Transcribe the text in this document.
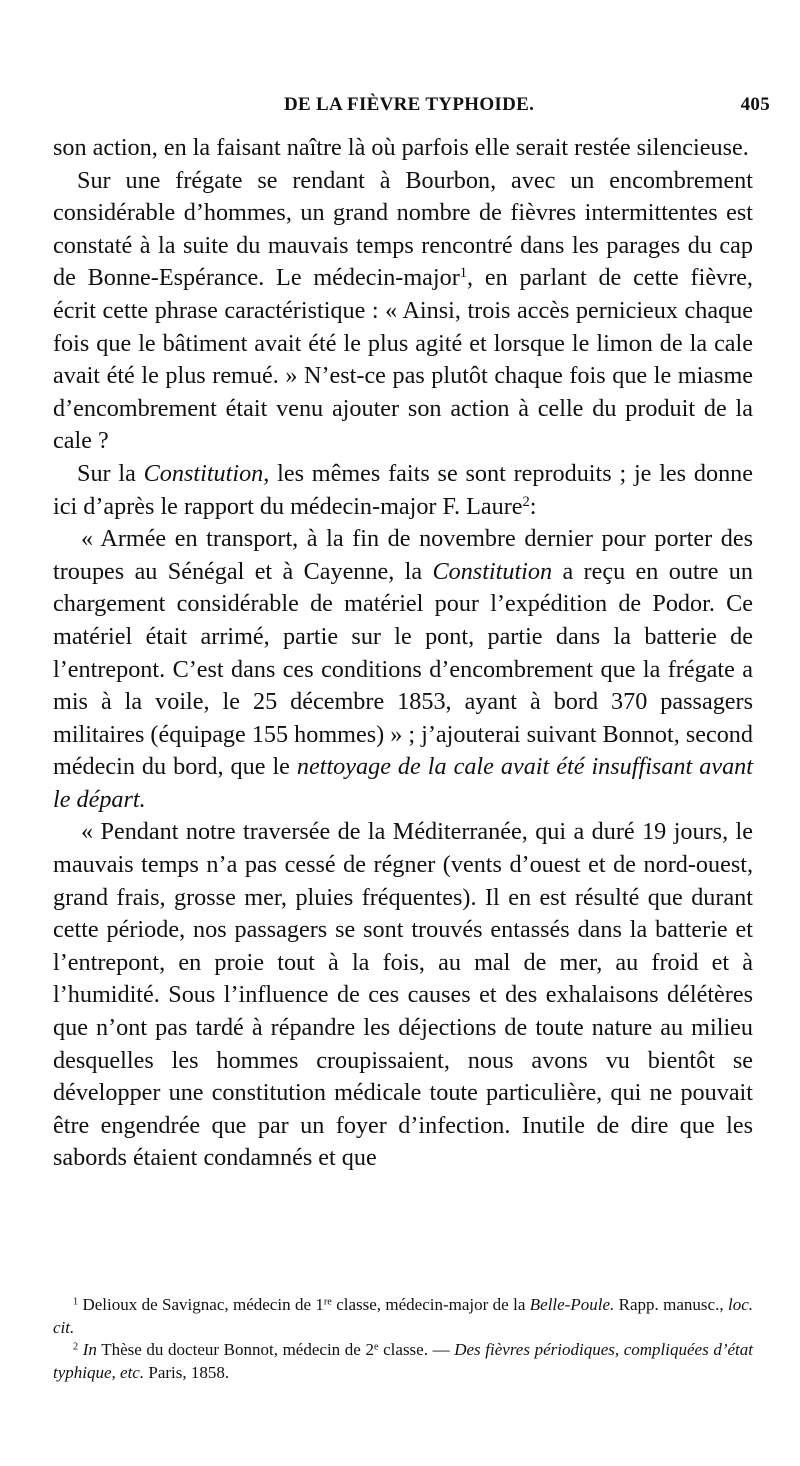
DE LA FIÈVRE TYPHOIDE.	405

son action, en la faisant naître là où parfois elle serait restée silencieuse.

Sur une frégate se rendant à Bourbon, avec un encombrement considérable d’hommes, un grand nombre de fièvres intermittentes est constaté à la suite du mauvais temps rencontré dans les parages du cap de Bonne-Espérance. Le médecin-major$^1$, en parlant de cette fièvre, écrit cette phrase caractéristique : « Ainsi, trois accès pernicieux chaque fois que le bâtiment avait été le plus agité et lorsque le limon de la cale avait été le plus remué. » N’est-ce pas plutôt chaque fois que le miasme d’encombrement était venu ajouter son action à celle du produit de la cale ?

Sur la Constitution, les mêmes faits se sont reproduits ; je les donne ici d’après le rapport du médecin-major F. Laure$^2$:

« Armée en transport, à la fin de novembre dernier pour porter des troupes au Sénégal et à Cayenne, la Constitution a reçu en outre un chargement considérable de matériel pour l’expédition de Podor. Ce matériel était arrimé, partie sur le pont, partie dans la batterie de l’entrepont. C’est dans ces conditions d’encombrement que la frégate a mis à la voile, le 25 décembre 1853, ayant à bord 370 passagers militaires (équipage 155 hommes) » ; j’ajouterai suivant Bonnot, second médecin du bord, que le nettoyage de la cale avait été insuffisant avant le départ.

« Pendant notre traversée de la Méditerranée, qui a duré 19 jours, le mauvais temps n’a pas cessé de régner (vents d’ouest et de nord-ouest, grand frais, grosse mer, pluies fréquentes). Il en est résulté que durant cette période, nos passagers se sont trouvés entassés dans la batterie et l’entrepont, en proie tout à la fois, au mal de mer, au froid et à l’humidité. Sous l’influence de ces causes et des exhalaisons délétères que n’ont pas tardé à répandre les déjections de toute nature au milieu desquelles les hommes croupissaient, nous avons vu bientôt se développer une constitution médicale toute particulière, qui ne pouvait être engendrée que par un foyer d’infection. Inutile de dire que les sabords étaient condamnés et que

$^1$ Delioux de Savignac, médecin de 1re classe, médecin-major de la Belle-Poule. Rapp. manusc., loc. cit.

$^2$ In Thèse du docteur Bonnot, médecin de 2e classe. — Des fièvres périodiques, compliquées d’état typhique, etc. Paris, 1858.
